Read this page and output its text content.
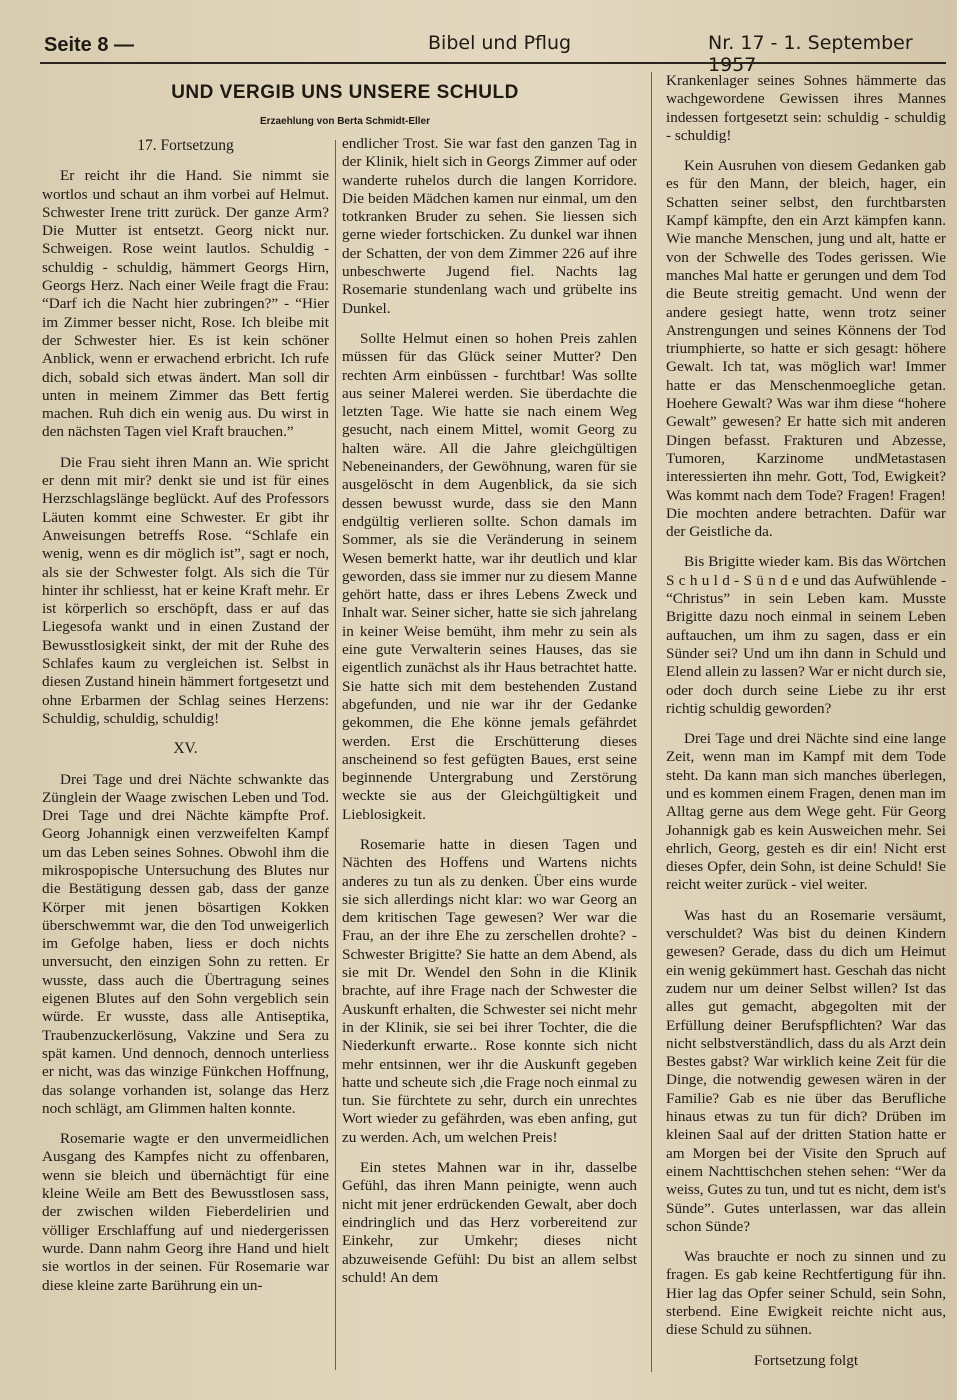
Seite 8 —	Bibel und Pflug	Nr. 17 - 1. September 1957
UND VERGIB UNS UNSERE SCHULD
Erzaehlung von Berta Schmidt-Eller

17. Fortsetzung

Er reicht ihr die Hand. Sie nimmt sie wortlos und schaut an ihm vorbei auf Helmut. Schwester Irene tritt zurück. Der ganze Arm? Die Mutter ist entsetzt. Georg nickt nur. Schweigen. Rose weint lautlos. Schuldig - schuldig - schuldig, hämmert Georgs Hirn, Georgs Herz. Nach einer Weile fragt die Frau: “Darf ich die Nacht hier zubringen?” - “Hier im Zimmer besser nicht, Rose. Ich bleibe mit der Schwester hier. Es ist kein schöner Anblick, wenn er erwachend erbricht. Ich rufe dich, sobald sich etwas ändert. Man soll dir unten in meinem Zimmer das Bett fertig machen. Ruh dich ein wenig aus. Du wirst in den nächsten Tagen viel Kraft brauchen.”

Die Frau sieht ihren Mann an. Wie spricht er denn mit mir? denkt sie und ist für eines Herzschlagslänge beglückt. Auf des Professors Läuten kommt eine Schwester. Er gibt ihr Anweisungen betreffs Rose. “Schlafe ein wenig, wenn es dir möglich ist”, sagt er noch, als sie der Schwester folgt. Als sich die Tür hinter ihr schliesst, hat er keine Kraft mehr. Er ist körperlich so erschöpft, dass er auf das Liegesofa wankt und in einen Zustand der Bewusstlosigkeit sinkt, der mit der Ruhe des Schlafes kaum zu vergleichen ist. Selbst in diesen Zustand hinein hämmert fortgesetzt und ohne Erbarmen der Schlag seines Herzens: Schuldig, schuldig, schuldig!

XV.

Drei Tage und drei Nächte schwankte das Zünglein der Waage zwischen Leben und Tod. Drei Tage und drei Nächte kämpfte Prof. Georg Johannigk einen verzweifelten Kampf um das Leben seines Sohnes. Obwohl ihm die mikrospopische Untersuchung des Blutes nur die Bestätigung dessen gab, dass der ganze Körper mit jenen bösartigen Kokken überschwemmt war, die den Tod unweigerlich im Gefolge haben, liess er doch nichts unversucht, den einzigen Sohn zu retten. Er wusste, dass auch die Übertragung seines eigenen Blutes auf den Sohn vergeblich sein würde. Er wusste, dass alle Antiseptika, Traubenzuckerlösung, Vakzine und Sera zu spät kamen. Und dennoch, dennoch unterliess er nicht, was das winzige Fünkchen Hoffnung, das solange vorhanden ist, solange das Herz noch schlägt, am Glimmen halten konnte.

Rosemarie wagte er den unvermeidlichen Ausgang des Kampfes nicht zu offenbaren, wenn sie bleich und übernächtigt für eine kleine Weile am Bett des Bewusstlosen sass, der zwischen wilden Fieberdelirien und völliger Erschlaffung auf und niedergerissen wurde. Dann nahm Georg ihre Hand und hielt sie wortlos in der seinen. Für Rosemarie war diese kleine zarte Barührung ein un-

endlicher Trost. Sie war fast den ganzen Tag in der Klinik, hielt sich in Georgs Zimmer auf oder wanderte ruhelos durch die langen Korridore. Die beiden Mädchen kamen nur einmal, um den totkranken Bruder zu sehen. Sie liessen sich gerne wieder fortschicken. Zu dunkel war ihnen der Schatten, der von dem Zimmer 226 auf ihre unbeschwerte Jugend fiel. Nachts lag Rosemarie stundenlang wach und grübelte ins Dunkel.

Sollte Helmut einen so hohen Preis zahlen müssen für das Glück seiner Mutter? Den rechten Arm einbüssen - furchtbar! Was sollte aus seiner Malerei werden. Sie überdachte die letzten Tage. Wie hatte sie nach einem Weg gesucht, nach einem Mittel, womit Georg zu halten wäre. All die Jahre gleichgültigen Nebeneinanders, der Gewöhnung, waren für sie ausgelöscht in dem Augenblick, da sie sich dessen bewusst wurde, dass sie den Mann endgültig verlieren sollte. Schon damals im Sommer, als sie die Veränderung in seinem Wesen bemerkt hatte, war ihr deutlich und klar geworden, dass sie immer nur zu diesem Manne gehört hatte, dass er ihres Lebens Zweck und Inhalt war. Seiner sicher, hatte sie sich jahrelang in keiner Weise bemüht, ihm mehr zu sein als eine gute Verwalterin seines Hauses, das sie eigentlich zunächst als ihr Haus betrachtet hatte. Sie hatte sich mit dem bestehenden Zustand abgefunden, und nie war ihr der Gedanke gekommen, die Ehe könne jemals gefährdet werden. Erst die Erschütterung dieses anscheinend so fest gefügten Baues, erst seine beginnende Untergrabung und Zerstörung weckte sie aus der Gleichgültigkeit und Lieblosigkeit.

Rosemarie hatte in diesen Tagen und Nächten des Hoffens und Wartens nichts anderes zu tun als zu denken. Über eins wurde sie sich allerdings nicht klar: wo war Georg an dem kritischen Tage gewesen? Wer war die Frau, an der ihre Ehe zu zerschellen drohte? - Schwester Brigitte? Sie hatte an dem Abend, als sie mit Dr. Wendel den Sohn in die Klinik brachte, auf ihre Frage nach der Schwester die Auskunft erhalten, die Schwester sei nicht mehr in der Klinik, sie sei bei ihrer Tochter, die die Niederkunft erwarte.. Rose konnte sich nicht mehr entsinnen, wer ihr die Auskunft gegeben hatte und scheute sich ,die Frage noch einmal zu tun. Sie fürchtete zu sehr, durch ein unrechtes Wort wieder zu gefährden, was eben anfing, gut zu werden. Ach, um welchen Preis!

Ein stetes Mahnen war in ihr, dasselbe Gefühl, das ihren Mann peinigte, wenn auch nicht mit jener erdrückenden Gewalt, aber doch eindringlich und das Herz vorbereitend zur Einkehr, zur Umkehr; dieses nicht abzuweisende Gefühl: Du bist an allem selbst schuld! An dem

Krankenlager seines Sohnes hämmerte das wachgewordene Gewissen ihres Mannes indessen fortgesetzt sein: schuldig - schuldig - schuldig!

Kein Ausruhen von diesem Gedanken gab es für den Mann, der bleich, hager, ein Schatten seiner selbst, den furchtbarsten Kampf kämpfte, den ein Arzt kämpfen kann. Wie manche Menschen, jung und alt, hatte er von der Schwelle des Todes gerissen. Wie manches Mal hatte er gerungen und dem Tod die Beute streitig gemacht. Und wenn der andere gesiegt hatte, wenn trotz seiner Anstrengungen und seines Könnens der Tod triumphierte, so hatte er sich gesagt: höhere Gewalt. Ich tat, was möglich war! Immer hatte er das Menschenmoegliche getan. Hoehere Gewalt? Was war ihm diese “hohere Gewalt” gewesen? Er hatte sich mit anderen Dingen befasst. Frakturen und Abzesse, Tumoren, Karzinome undMetastasen interessierten ihn mehr. Gott, Tod, Ewigkeit? Was kommt nach dem Tode? Fragen! Fragen! Die mochten andere betrachten. Dafür war der Geistliche da.

Bis Brigitte wieder kam. Bis das Wörtchen S c h u l d - S ü n d e und das Aufwühlende - “Christus” in sein Leben kam. Musste Brigitte dazu noch einmal in seinem Leben auftauchen, um ihm zu sagen, dass er ein Sünder sei? Und um ihn dann in Schuld und Elend allein zu lassen? War er nicht durch sie, oder doch durch seine Liebe zu ihr erst richtig schuldig geworden?

Drei Tage und drei Nächte sind eine lange Zeit, wenn man im Kampf mit dem Tode steht. Da kann man sich manches überlegen, und es kommen einem Fragen, denen man im Alltag gerne aus dem Wege geht. Für Georg Johannigk gab es kein Ausweichen mehr. Sei ehrlich, Georg, gesteh es dir ein! Nicht erst dieses Opfer, dein Sohn, ist deine Schuld! Sie reicht weiter zurück - viel weiter.

Was hast du an Rosemarie versäumt, verschuldet? Was bist du deinen Kindern gewesen? Gerade, dass du dich um Heimut ein wenig gekümmert hast. Geschah das nicht zudem nur um deiner Selbst willen? Ist das alles gut gemacht, abgegolten mit der Erfüllung deiner Berufspflichten? War das nicht selbstverständlich, dass du als Arzt dein Bestes gabst? War wirklich keine Zeit für die Dinge, die notwendig gewesen wären in der Familie? Gab es nie über das Berufliche hinaus etwas zu tun für dich? Drüben im kleinen Saal auf der dritten Station hatte er am Morgen bei der Visite den Spruch auf einem Nachttischchen stehen sehen: “Wer da weiss, Gutes zu tun, und tut es nicht, dem ist's Sünde”. Gutes unterlassen, war das allein schon Sünde?

Was brauchte er noch zu sinnen und zu fragen. Es gab keine Rechtfertigung für ihn. Hier lag das Opfer seiner Schuld, sein Sohn, sterbend. Eine Ewigkeit reichte nicht aus, diese Schuld zu sühnen.

Fortsetzung folgt
